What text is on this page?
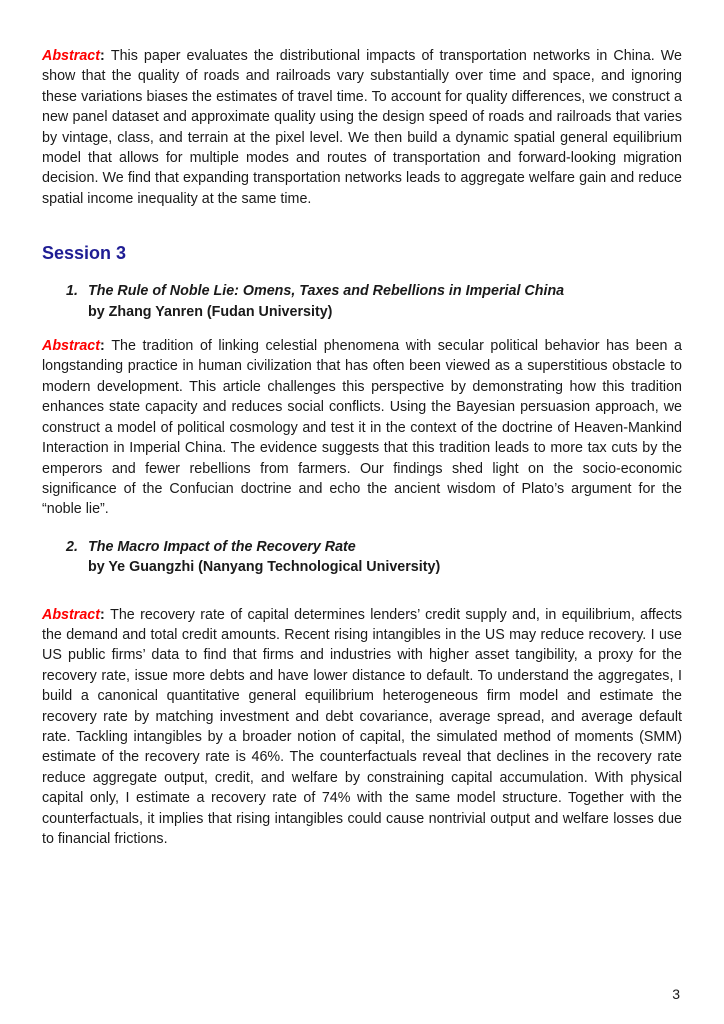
Abstract: This paper evaluates the distributional impacts of transportation networks in China. We show that the quality of roads and railroads vary substantially over time and space, and ignoring these variations biases the estimates of travel time. To account for quality differences, we construct a new panel dataset and approximate quality using the design speed of roads and railroads that varies by vintage, class, and terrain at the pixel level. We then build a dynamic spatial general equilibrium model that allows for multiple modes and routes of transportation and forward-looking migration decision. We find that expanding transportation networks leads to aggregate welfare gain and reduce spatial income inequality at the same time.

Session 3
1. The Rule of Noble Lie: Omens, Taxes and Rebellions in Imperial China
by Zhang Yanren (Fudan University)

Abstract: The tradition of linking celestial phenomena with secular political behavior has been a longstanding practice in human civilization that has often been viewed as a superstitious obstacle to modern development. This article challenges this perspective by demonstrating how this tradition enhances state capacity and reduces social conflicts. Using the Bayesian persuasion approach, we construct a model of political cosmology and test it in the context of the doctrine of Heaven-Mankind Interaction in Imperial China. The evidence suggests that this tradition leads to more tax cuts by the emperors and fewer rebellions from farmers. Our findings shed light on the socio-economic significance of the Confucian doctrine and echo the ancient wisdom of Plato’s argument for the “noble lie”.

2. The Macro Impact of the Recovery Rate
by Ye Guangzhi (Nanyang Technological University)

Abstract: The recovery rate of capital determines lenders’ credit supply and, in equilibrium, affects the demand and total credit amounts. Recent rising intangibles in the US may reduce recovery. I use US public firms’ data to find that firms and industries with higher asset tangibility, a proxy for the recovery rate, issue more debts and have lower distance to default. To understand the aggregates, I build a canonical quantitative general equilibrium heterogeneous firm model and estimate the recovery rate by matching investment and debt covariance, average spread, and average default rate. Tackling intangibles by a broader notion of capital, the simulated method of moments (SMM) estimate of the recovery rate is 46%. The counterfactuals reveal that declines in the recovery rate reduce aggregate output, credit, and welfare by constraining capital accumulation. With physical capital only, I estimate a recovery rate of 74% with the same model structure. Together with the counterfactuals, it implies that rising intangibles could cause nontrivial output and welfare losses due to financial frictions.

3
